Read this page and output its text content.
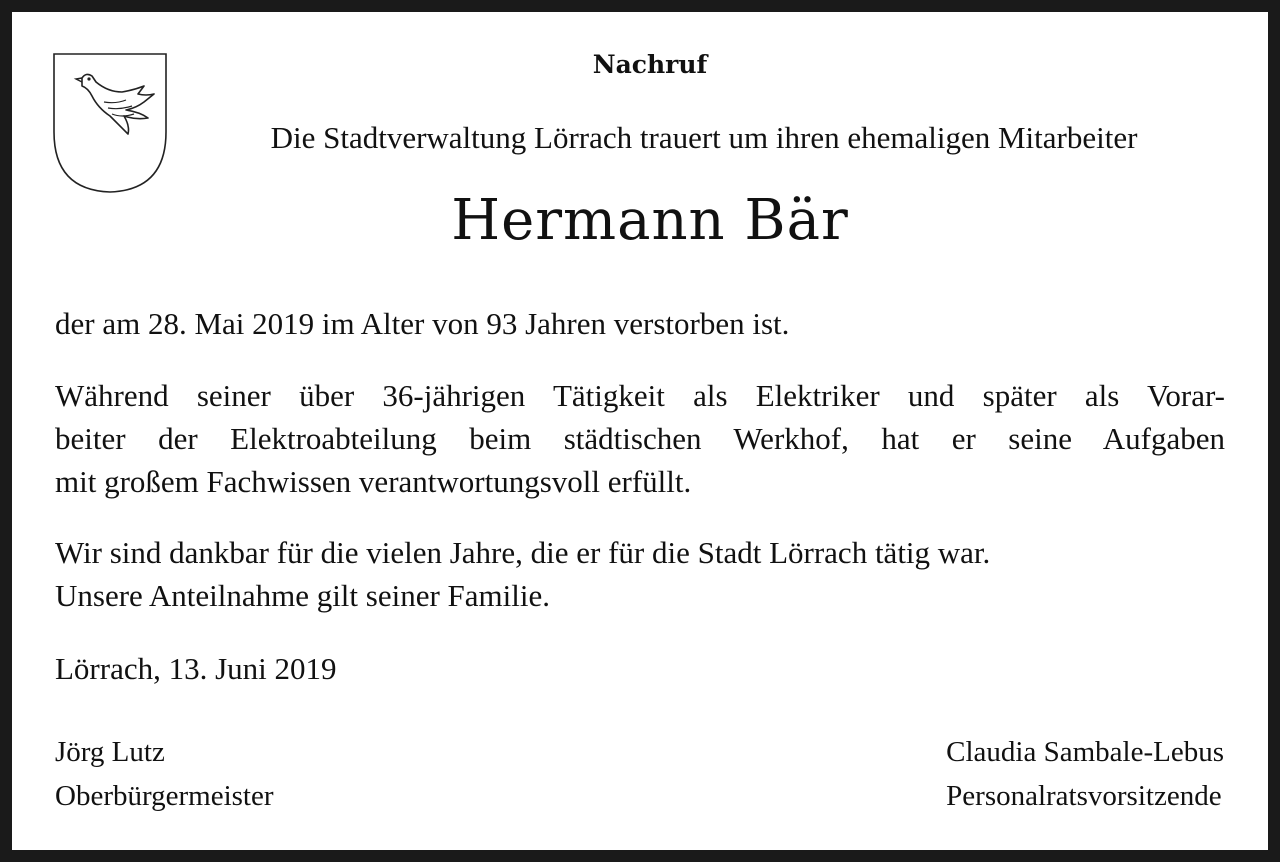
Nachruf
Die Stadtverwaltung Lörrach trauert um ihren ehemaligen Mitarbeiter
Hermann Bär

der am 28. Mai 2019 im Alter von 93 Jahren verstorben ist.

Während seiner über 36-jährigen Tätigkeit als Elektriker und später als Vorar-
beiter der Elektroabteilung beim städtischen Werkhof, hat er seine Aufgaben
mit großem Fachwissen verantwortungsvoll erfüllt.

Wir sind dankbar für die vielen Jahre, die er für die Stadt Lörrach tätig war.
Unsere Anteilnahme gilt seiner Familie.

Lörrach, 13. Juni 2019

Jörg Lutz
Oberbürgermeister
Claudia Sambale-Lebus
Personalratsvorsitzende
